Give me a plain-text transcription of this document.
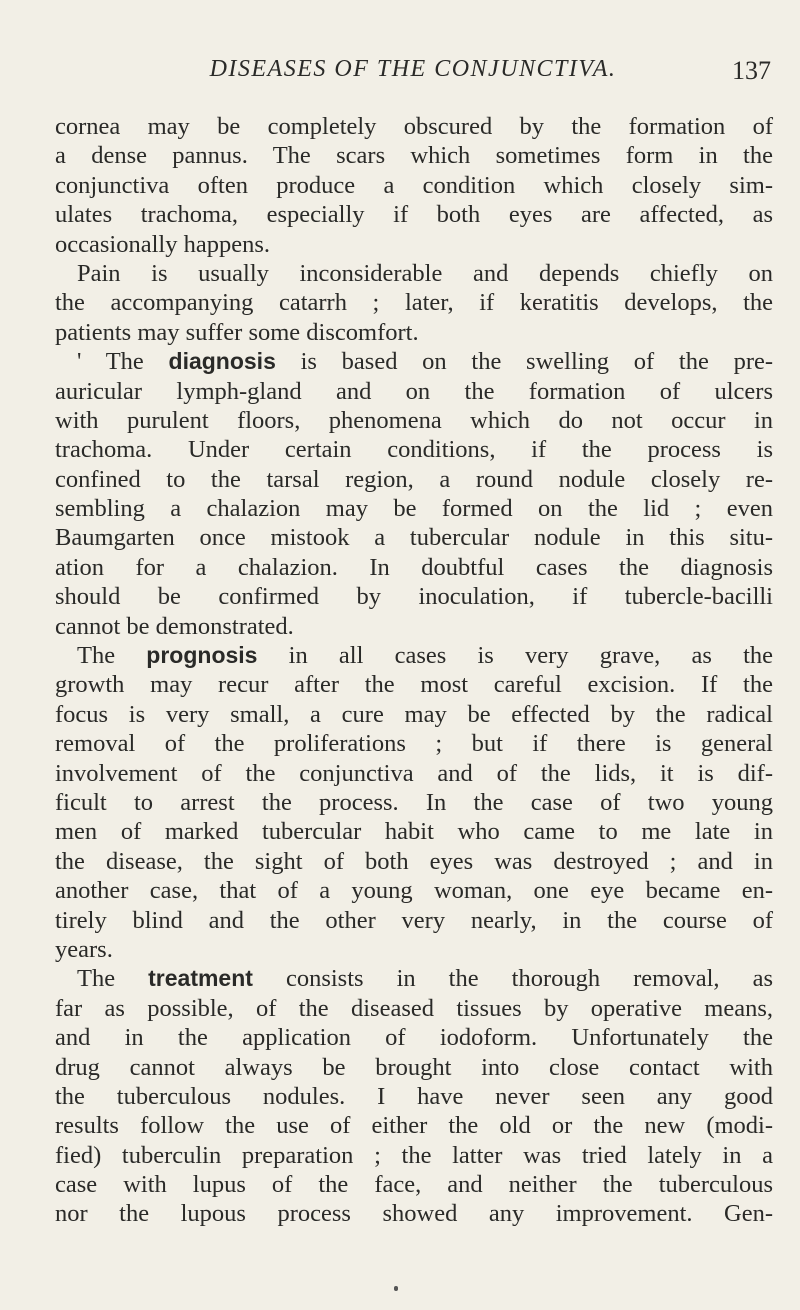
DISEASES OF THE CONJUNCTIVA.	137
cornea may be completely obscured by the formation of
a dense pannus. The scars which sometimes form in the
conjunctiva often produce a condition which closely sim-
ulates trachoma, especially if both eyes are affected, as
occasionally happens.
Pain is usually inconsiderable and depends chiefly on
the accompanying catarrh ; later, if keratitis develops, the
patients may suffer some discomfort.
' The diagnosis is based on the swelling of the pre-
auricular lymph-gland and on the formation of ulcers
with purulent floors, phenomena which do not occur in
trachoma. Under certain conditions, if the process is
confined to the tarsal region, a round nodule closely re-
sembling a chalazion may be formed on the lid ; even
Baumgarten once mistook a tubercular nodule in this situ-
ation for a chalazion. In doubtful cases the diagnosis
should be confirmed by inoculation, if tubercle-bacilli
cannot be demonstrated.
The prognosis in all cases is very grave, as the
growth may recur after the most careful excision. If the
focus is very small, a cure may be effected by the radical
removal of the proliferations ; but if there is general
involvement of the conjunctiva and of the lids, it is dif-
ficult to arrest the process. In the case of two young
men of marked tubercular habit who came to me late in
the disease, the sight of both eyes was destroyed ; and in
another case, that of a young woman, one eye became en-
tirely blind and the other very nearly, in the course of
years.
The treatment consists in the thorough removal, as
far as possible, of the diseased tissues by operative means,
and in the application of iodoform. Unfortunately the
drug cannot always be brought into close contact with
the tuberculous nodules. I have never seen any good
results follow the use of either the old or the new (modi-
fied) tuberculin preparation ; the latter was tried lately in a
case with lupus of the face, and neither the tuberculous
nor the lupous process showed any improvement. Gen-
